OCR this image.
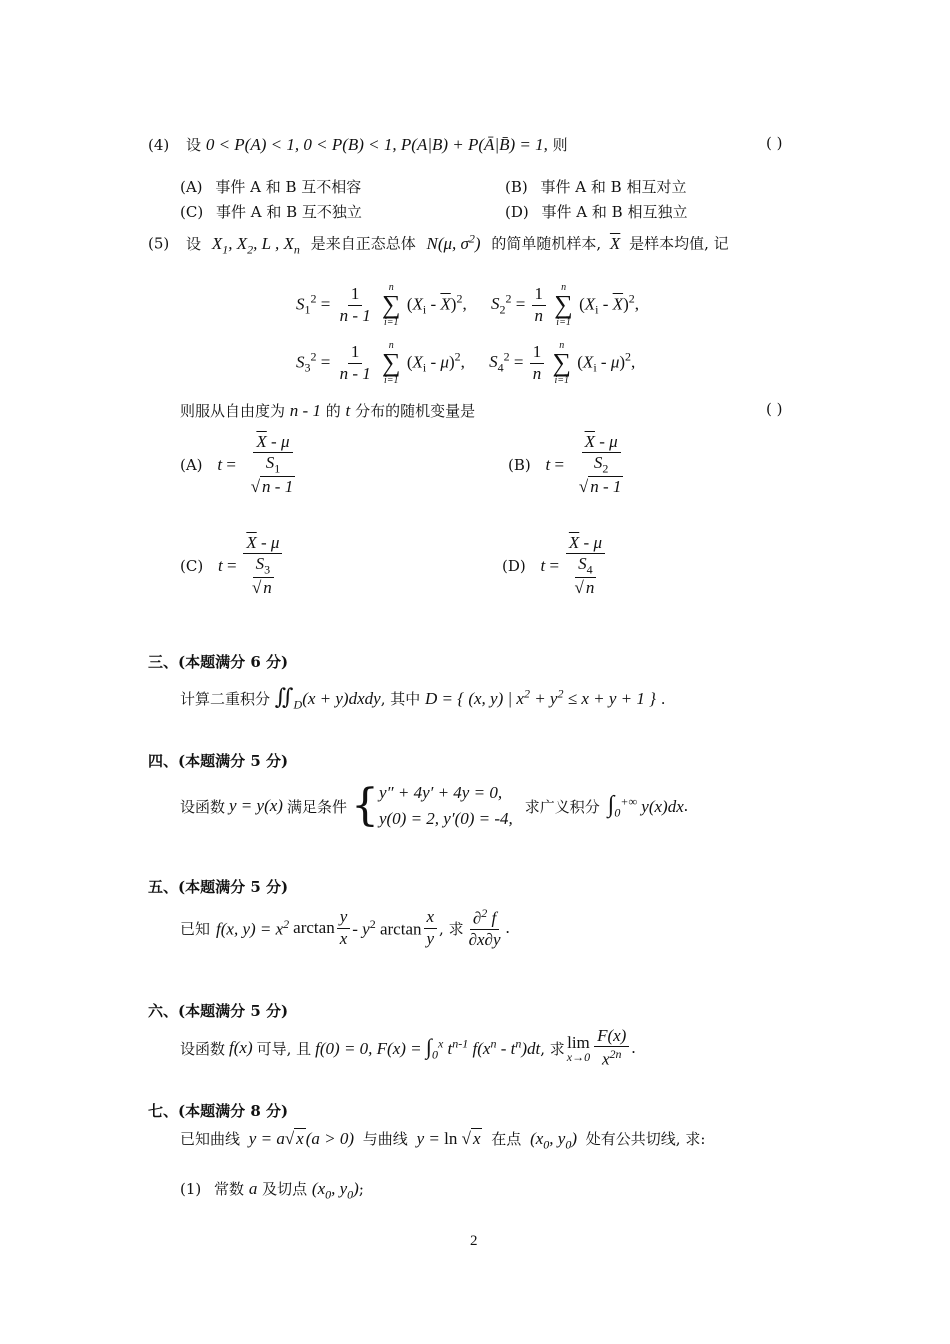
(4) 设 0 < P(A) < 1, 0 < P(B) < 1, P(A|B) + P(Ā|B̄) = 1, 则	( )
(A) 事件 A 和 B 互不相容	(B) 事件 A 和 B 相互对立
(C) 事件 A 和 B 互不独立	(D) 事件 A 和 B 相互独立
(5) 设 $X_1$, $X_2$, L , $X_n$ 是来自正态总体 N(μ, $\sigma^2$) 的简单随机样本, $\overline{X}$ 是样本均值, 记
$S_1^2 = \frac{1}{n - 1}$
n
∑
i=1
$(X_i - \overline{X})^2$, $S_2^2 = \frac{1}{n}$
n
∑
i=1
$(X_i - \overline{X})^2$,
$S_3^2 = \frac{1}{n - 1}$
n
∑
i=1
$(X_i - \mu)^2$, $S_4^2 = \frac{1}{n}$
n
∑
i=1
$(X_i - \mu)^2$,
则服从自由度为 n - 1 的 t 分布的随机变量是	( )
(A) $t = \frac{\overline{X} - \mu}{\frac{S_1}{√ n - 1}}$	(B) $t = \frac{\overline{X} - \mu}{\frac{S_2}{√ n - 1}}$
(C) $t = \frac{\overline{X} - \mu}{\frac{S_3}{√ n}}$	(D) $t = \frac{\overline{X} - \mu}{\frac{S_4}{√ n}}$
三、(本题满分 6 分)
计算二重积分 $∬_D(x$ + y)dxdy, 其中 D = { (x, y) | $x^2 + y^2 \le x + y + 1$ } .
四、(本题满分 5 分)
设函数 y = y(x) 满足条件 { y″ + 4y′ + 4y = 0,
y(0) = 2, y′(0) = -4,
求广义积分 $\int_0^{+\infty}$ y(x)dx .
五、(本题满分 5 分)
已知 f(x, $y) = x^2$ $\arctan \frac{y}{x} - y^2$ $\arctan \frac{x}{y}$ , 求 $\frac{\partial^2 f}{\partial x\partial y}$ .
六、(本题满分 5 分)
设函数 f(x) 可导, 且 f(0) = 0, $F(x) = \int_0^x$ $t^{n-1}$ $f(x^n - t^n)dt$ , 求 lim
$x\to 0 \frac{F(x)}{x^{2n}}$ .
七、(本题满分 8 分)
已知曲线 y = a√ x (a > 0) 与曲线 y = ln √ x 在点 ($x_0$, $y_0$) 处有公共切线, 求:
(1) 常数 a 及切点 ($x_0$, $y_0$);
2
